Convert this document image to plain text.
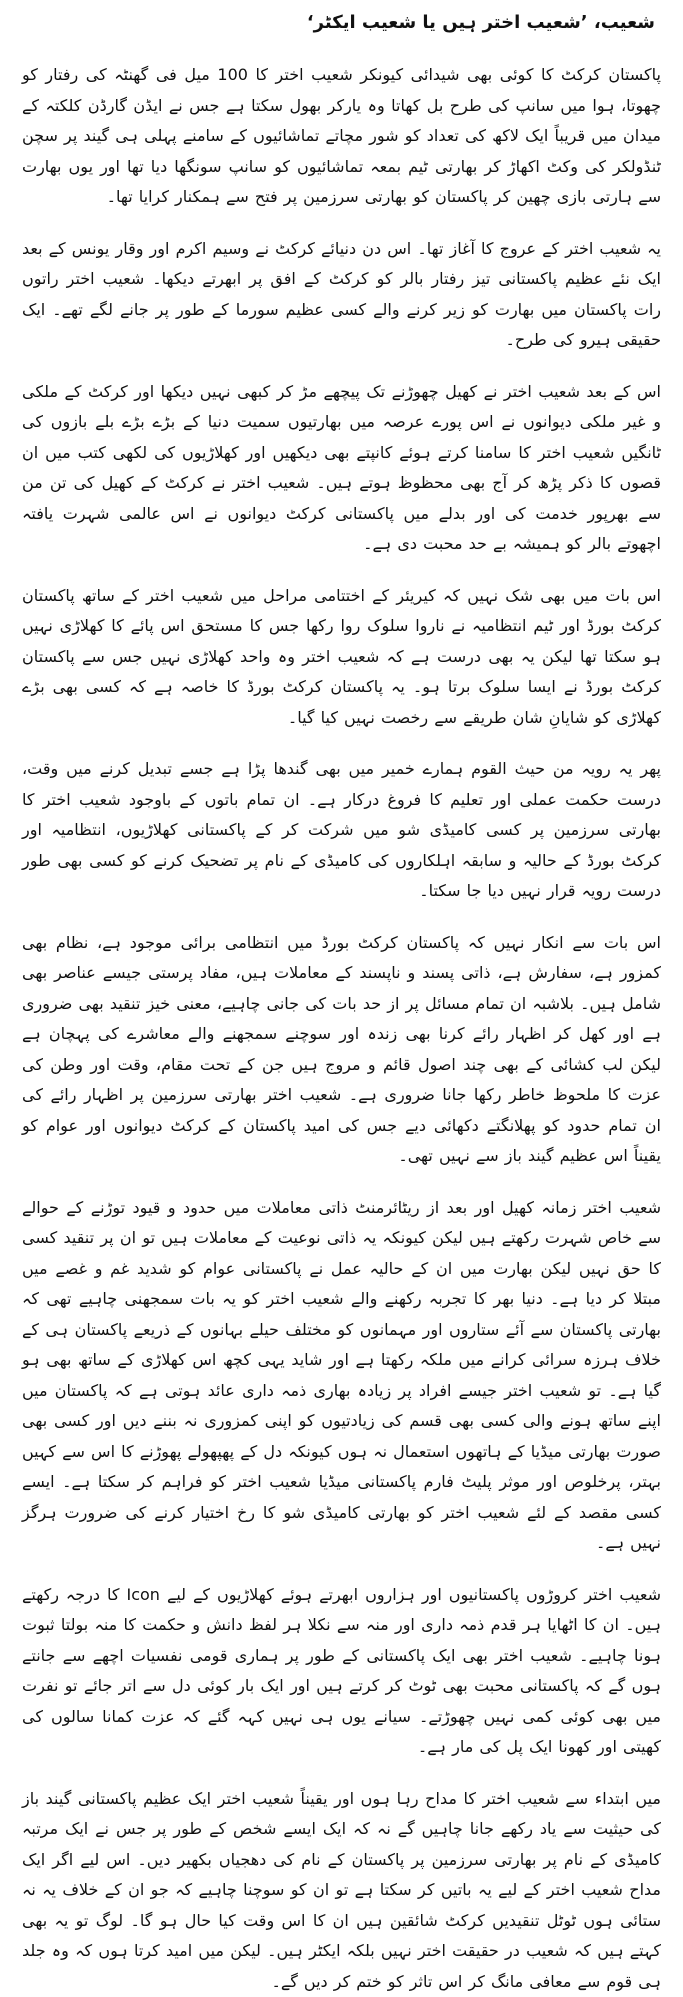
شعیب، ’شعیب اختر ہیں یا شعیب ایکٹر‘

پاکستان کرکٹ کا کوئی بھی شیدائی کیونکر شعیب اختر کا 100 میل فی گھنٹہ کی رفتار کو چھوتا، ہوا میں سانپ کی طرح بل کھاتا وہ یارکر بھول سکتا ہے جس نے ایڈن گارڈن کلکتہ کے میدان میں قریباً ایک لاکھ کی تعداد کو شور مچاتے تماشائیوں کے سامنے پہلی ہی گیند پر سچن ٹنڈولکر کی وکٹ اکھاڑ کر بھارتی ٹیم بمعہ تماشائیوں کو سانپ سونگھا دیا تھا اور یوں بھارت سے ہارتی بازی چھین کر پاکستان کو بھارتی سرزمین پر فتح سے ہمکنار کرایا تھا۔

یہ شعیب اختر کے عروج کا آغاز تھا۔ اس دن دنیائے کرکٹ نے وسیم اکرم اور وقار یونس کے بعد ایک نئے عظیم پاکستانی تیز رفتار بالر کو کرکٹ کے افق پر ابھرتے دیکھا۔ شعیب اختر راتوں رات پاکستان میں بھارت کو زیر کرنے والے کسی عظیم سورما کے طور پر جانے لگے تھے۔ ایک حقیقی ہیرو کی طرح۔

اس کے بعد شعیب اختر نے کھیل چھوڑنے تک پیچھے مڑ کر کبھی نہیں دیکھا اور کرکٹ کے ملکی و غیر ملکی دیوانوں نے اس پورے عرصہ میں بھارتیوں سمیت دنیا کے بڑے بڑے بلے بازوں کی ٹانگیں شعیب اختر کا سامنا کرتے ہوئے کانپتے بھی دیکھیں اور کھلاڑیوں کی لکھی کتب میں ان قصوں کا ذکر پڑھ کر آج بھی محظوظ ہوتے ہیں۔ شعیب اختر نے کرکٹ کے کھیل کی تن من سے بھرپور خدمت کی اور بدلے میں پاکستانی کرکٹ دیوانوں نے اس عالمی شہرت یافتہ اچھوتے بالر کو ہمیشہ بے حد محبت دی ہے۔

اس بات میں بھی شک نہیں کہ کیریئر کے اختتامی مراحل میں شعیب اختر کے ساتھ پاکستان کرکٹ بورڈ اور ٹیم انتظامیہ نے ناروا سلوک روا رکھا جس کا مستحق اس پائے کا کھلاڑی نہیں ہو سکتا تھا لیکن یہ بھی درست ہے کہ شعیب اختر وہ واحد کھلاڑی نہیں جس سے پاکستان کرکٹ بورڈ نے ایسا سلوک برتا ہو۔ یہ پاکستان کرکٹ بورڈ کا خاصہ ہے کہ کسی بھی بڑے کھلاڑی کو شایانِ شان طریقے سے رخصت نہیں کیا گیا۔

پھر یہ رویہ من حیث القوم ہمارے خمیر میں بھی گندھا پڑا ہے جسے تبدیل کرنے میں وقت، درست حکمت عملی اور تعلیم کا فروغ درکار ہے۔ ان تمام باتوں کے باوجود شعیب اختر کا بھارتی سرزمین پر کسی کامیڈی شو میں شرکت کر کے پاکستانی کھلاڑیوں، انتظامیہ اور کرکٹ بورڈ کے حالیہ و سابقہ اہلکاروں کی کامیڈی کے نام پر تضحیک کرنے کو کسی بھی طور درست رویہ قرار نہیں دیا جا سکتا۔

اس بات سے انکار نہیں کہ پاکستان کرکٹ بورڈ میں انتظامی برائی موجود ہے، نظام بھی کمزور ہے، سفارش ہے، ذاتی پسند و ناپسند کے معاملات ہیں، مفاد پرستی جیسے عناصر بھی شامل ہیں۔ بلاشبہ ان تمام مسائل پر از حد بات کی جانی چاہیے، معنی خیز تنقید بھی ضروری ہے اور کھل کر اظہار رائے کرنا بھی زندہ اور سوچنے سمجھنے والے معاشرے کی پہچان ہے لیکن لب کشائی کے بھی چند اصول قائم و مروج ہیں جن کے تحت مقام، وقت اور وطن کی عزت کا ملحوظ خاطر رکھا جانا ضروری ہے۔ شعیب اختر بھارتی سرزمین پر اظہار رائے کی ان تمام حدود کو پھلانگتے دکھائی دیے جس کی امید پاکستان کے کرکٹ دیوانوں اور عوام کو یقیناً اس عظیم گیند باز سے نہیں تھی۔

شعیب اختر زمانہ کھیل اور بعد از ریٹائرمنٹ ذاتی معاملات میں حدود و قیود توڑنے کے حوالے سے خاص شہرت رکھتے ہیں لیکن کیونکہ یہ ذاتی نوعیت کے معاملات ہیں تو ان پر تنقید کسی کا حق نہیں لیکن بھارت میں ان کے حالیہ عمل نے پاکستانی عوام کو شدید غم و غصے میں مبتلا کر دیا ہے۔ دنیا بھر کا تجربہ رکھنے والے شعیب اختر کو یہ بات سمجھنی چاہیے تھی کہ بھارتی پاکستان سے آئے ستاروں اور مہمانوں کو مختلف حیلے بہانوں کے ذریعے پاکستان ہی کے خلاف ہرزہ سرائی کرانے میں ملکہ رکھتا ہے اور شاید یہی کچھ اس کھلاڑی کے ساتھ بھی ہو گیا ہے۔ تو شعیب اختر جیسے افراد پر زیادہ بھاری ذمہ داری عائد ہوتی ہے کہ پاکستان میں اپنے ساتھ ہونے والی کسی بھی قسم کی زیادتیوں کو اپنی کمزوری نہ بننے دیں اور کسی بھی صورت بھارتی میڈیا کے ہاتھوں استعمال نہ ہوں کیونکہ دل کے پھپھولے پھوڑنے کا اس سے کہیں بہتر، پرخلوص اور موثر پلیٹ فارم پاکستانی میڈیا شعیب اختر کو فراہم کر سکتا ہے۔ ایسے کسی مقصد کے لئے شعیب اختر کو بھارتی کامیڈی شو کا رخ اختیار کرنے کی ضرورت ہرگز نہیں ہے۔

شعیب اختر کروڑوں پاکستانیوں اور ہزاروں ابھرتے ہوئے کھلاڑیوں کے لیے Icon کا درجہ رکھتے ہیں۔ ان کا اٹھایا ہر قدم ذمہ داری اور منہ سے نکلا ہر لفظ دانش و حکمت کا منہ بولتا ثبوت ہونا چاہیے۔ شعیب اختر بھی ایک پاکستانی کے طور پر ہماری قومی نفسیات اچھے سے جانتے ہوں گے کہ پاکستانی محبت بھی ٹوٹ کر کرتے ہیں اور ایک بار کوئی دل سے اتر جائے تو نفرت میں بھی کوئی کمی نہیں چھوڑتے۔ سیانے یوں ہی نہیں کہہ گئے کہ عزت کمانا سالوں کی کھیتی اور کھونا ایک پل کی مار ہے۔

میں ابتداء سے شعیب اختر کا مداح رہا ہوں اور یقیناً شعیب اختر ایک عظیم پاکستانی گیند باز کی حیثیت سے یاد رکھے جانا چاہیں گے نہ کہ ایک ایسے شخص کے طور پر جس نے ایک مرتبہ کامیڈی کے نام پر بھارتی سرزمین پر پاکستان کے نام کی دھجیاں بکھیر دیں۔ اس لیے اگر ایک مداح شعیب اختر کے لیے یہ باتیں کر سکتا ہے تو ان کو سوچنا چاہیے کہ جو ان کے خلاف یہ نہ ستائی ہوں ٹوٹل تنقیدیں کرکٹ شائقین ہیں ان کا اس وقت کیا حال ہو گا۔ لوگ تو یہ بھی کہتے ہیں کہ شعیب در حقیقت اختر نہیں بلکہ ایکٹر ہیں۔ لیکن میں امید کرتا ہوں کہ وہ جلد ہی قوم سے معافی مانگ کر اس تاثر کو ختم کر دیں گے۔
